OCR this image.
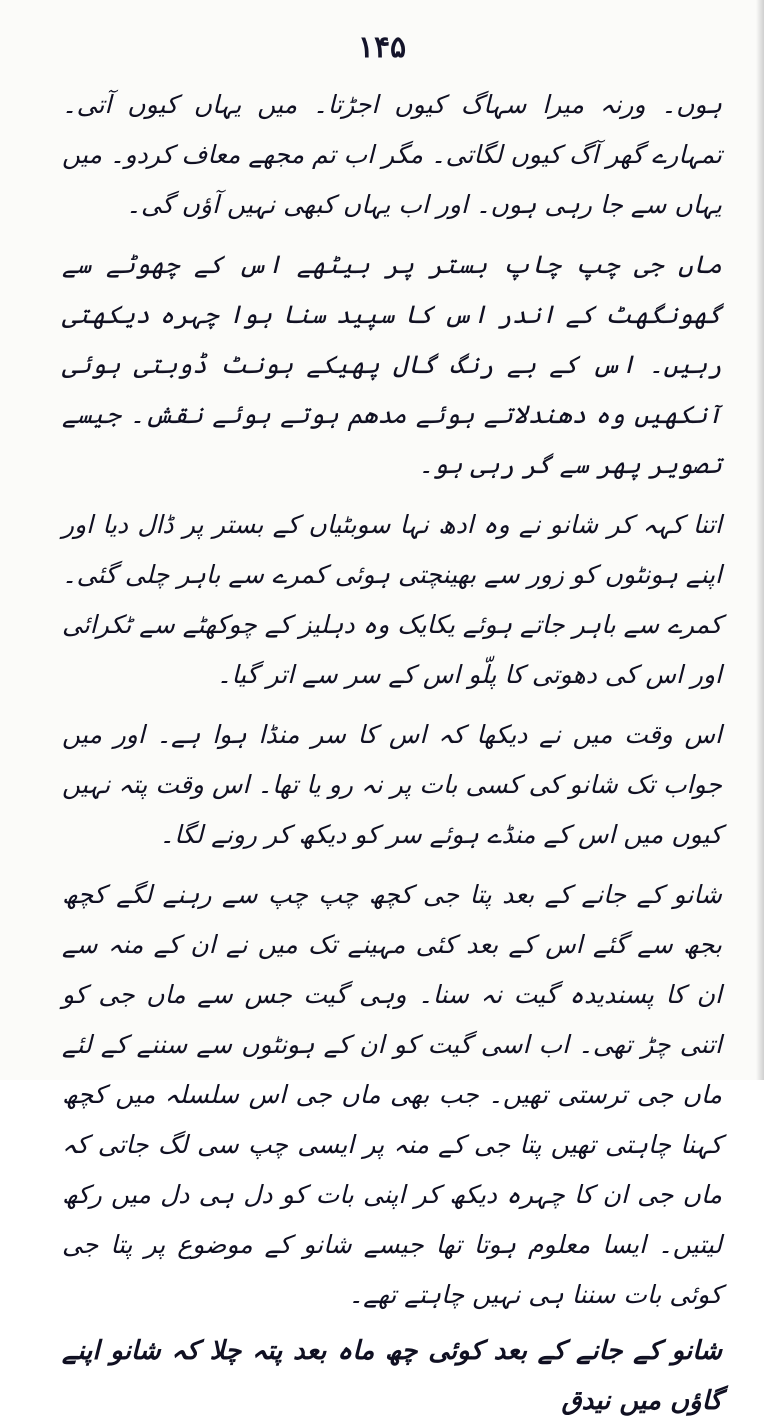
۱۴۵

ہوں۔ ورنہ میرا سہاگ کیوں اجڑتا۔ میں یہاں کیوں آتی۔ تمہارے گھر آگ کیوں لگاتی۔ مگر اب تم مجھے معاف کردو۔ میں یہاں سے جا رہی ہوں۔ اور اب یہاں کبھی نہیں آؤں گی۔

ماں جی چپ چاپ بستر پر بیٹھے اس کے چھوٹے سے گھونگھٹ کے اندر اس کا سپید سنا ہوا چہرہ دیکھتی رہیں۔ اس کے بے رنگ گال پھیکے ہونٹ ڈوبتی ہوئی آنکھیں وہ دھندلاتے ہوئے مدھم ہوتے ہوئے نقش۔ جیسے تصویر پھر سے گر رہی ہو۔

اتنا کہہ کر شانو نے وہ ادھ نہا سوبٹیاں کے بستر پر ڈال دیا اور اپنے ہونٹوں کو زور سے بھینچتی ہوئی کمرے سے باہر چلی گئی۔ کمرے سے باہر جاتے ہوئے یکایک وہ دہلیز کے چوکھٹے سے ٹکرائی اور اس کی دھوتی کا پلّو اس کے سر سے اتر گیا۔

اس وقت میں نے دیکھا کہ اس کا سر منڈا ہوا ہے۔ اور میں جواب تک شانو کی کسی بات پر نہ رو یا تھا۔ اس وقت پتہ نہیں کیوں میں اس کے منڈے ہوئے سر کو دیکھ کر رونے لگا۔

شانو کے جانے کے بعد پتا جی کچھ چپ چپ سے رہنے لگے کچھ بجھ سے گئے اس کے بعد کئی مہینے تک میں نے ان کے منہ سے ان کا پسندیدہ گیت نہ سنا۔ وہی گیت جس سے ماں جی کو اتنی چڑ تھی۔ اب اسی گیت کو ان کے ہونٹوں سے سننے کے لئے ماں جی ترستی تھیں۔ جب بھی ماں جی اس سلسلہ میں کچھ کہنا چاہتی تھیں پتا جی کے منہ پر ایسی چپ سی لگ جاتی کہ ماں جی ان کا چہرہ دیکھ کر اپنی بات کو دل ہی دل میں رکھ لیتیں۔ ایسا معلوم ہوتا تھا جیسے شانو کے موضوع پر پتا جی کوئی بات سننا ہی نہیں چاہتے تھے۔

شانو کے جانے کے بعد کوئی چھ ماہ بعد پتہ چلا کہ شانو اپنے گاؤں میں نیدق
